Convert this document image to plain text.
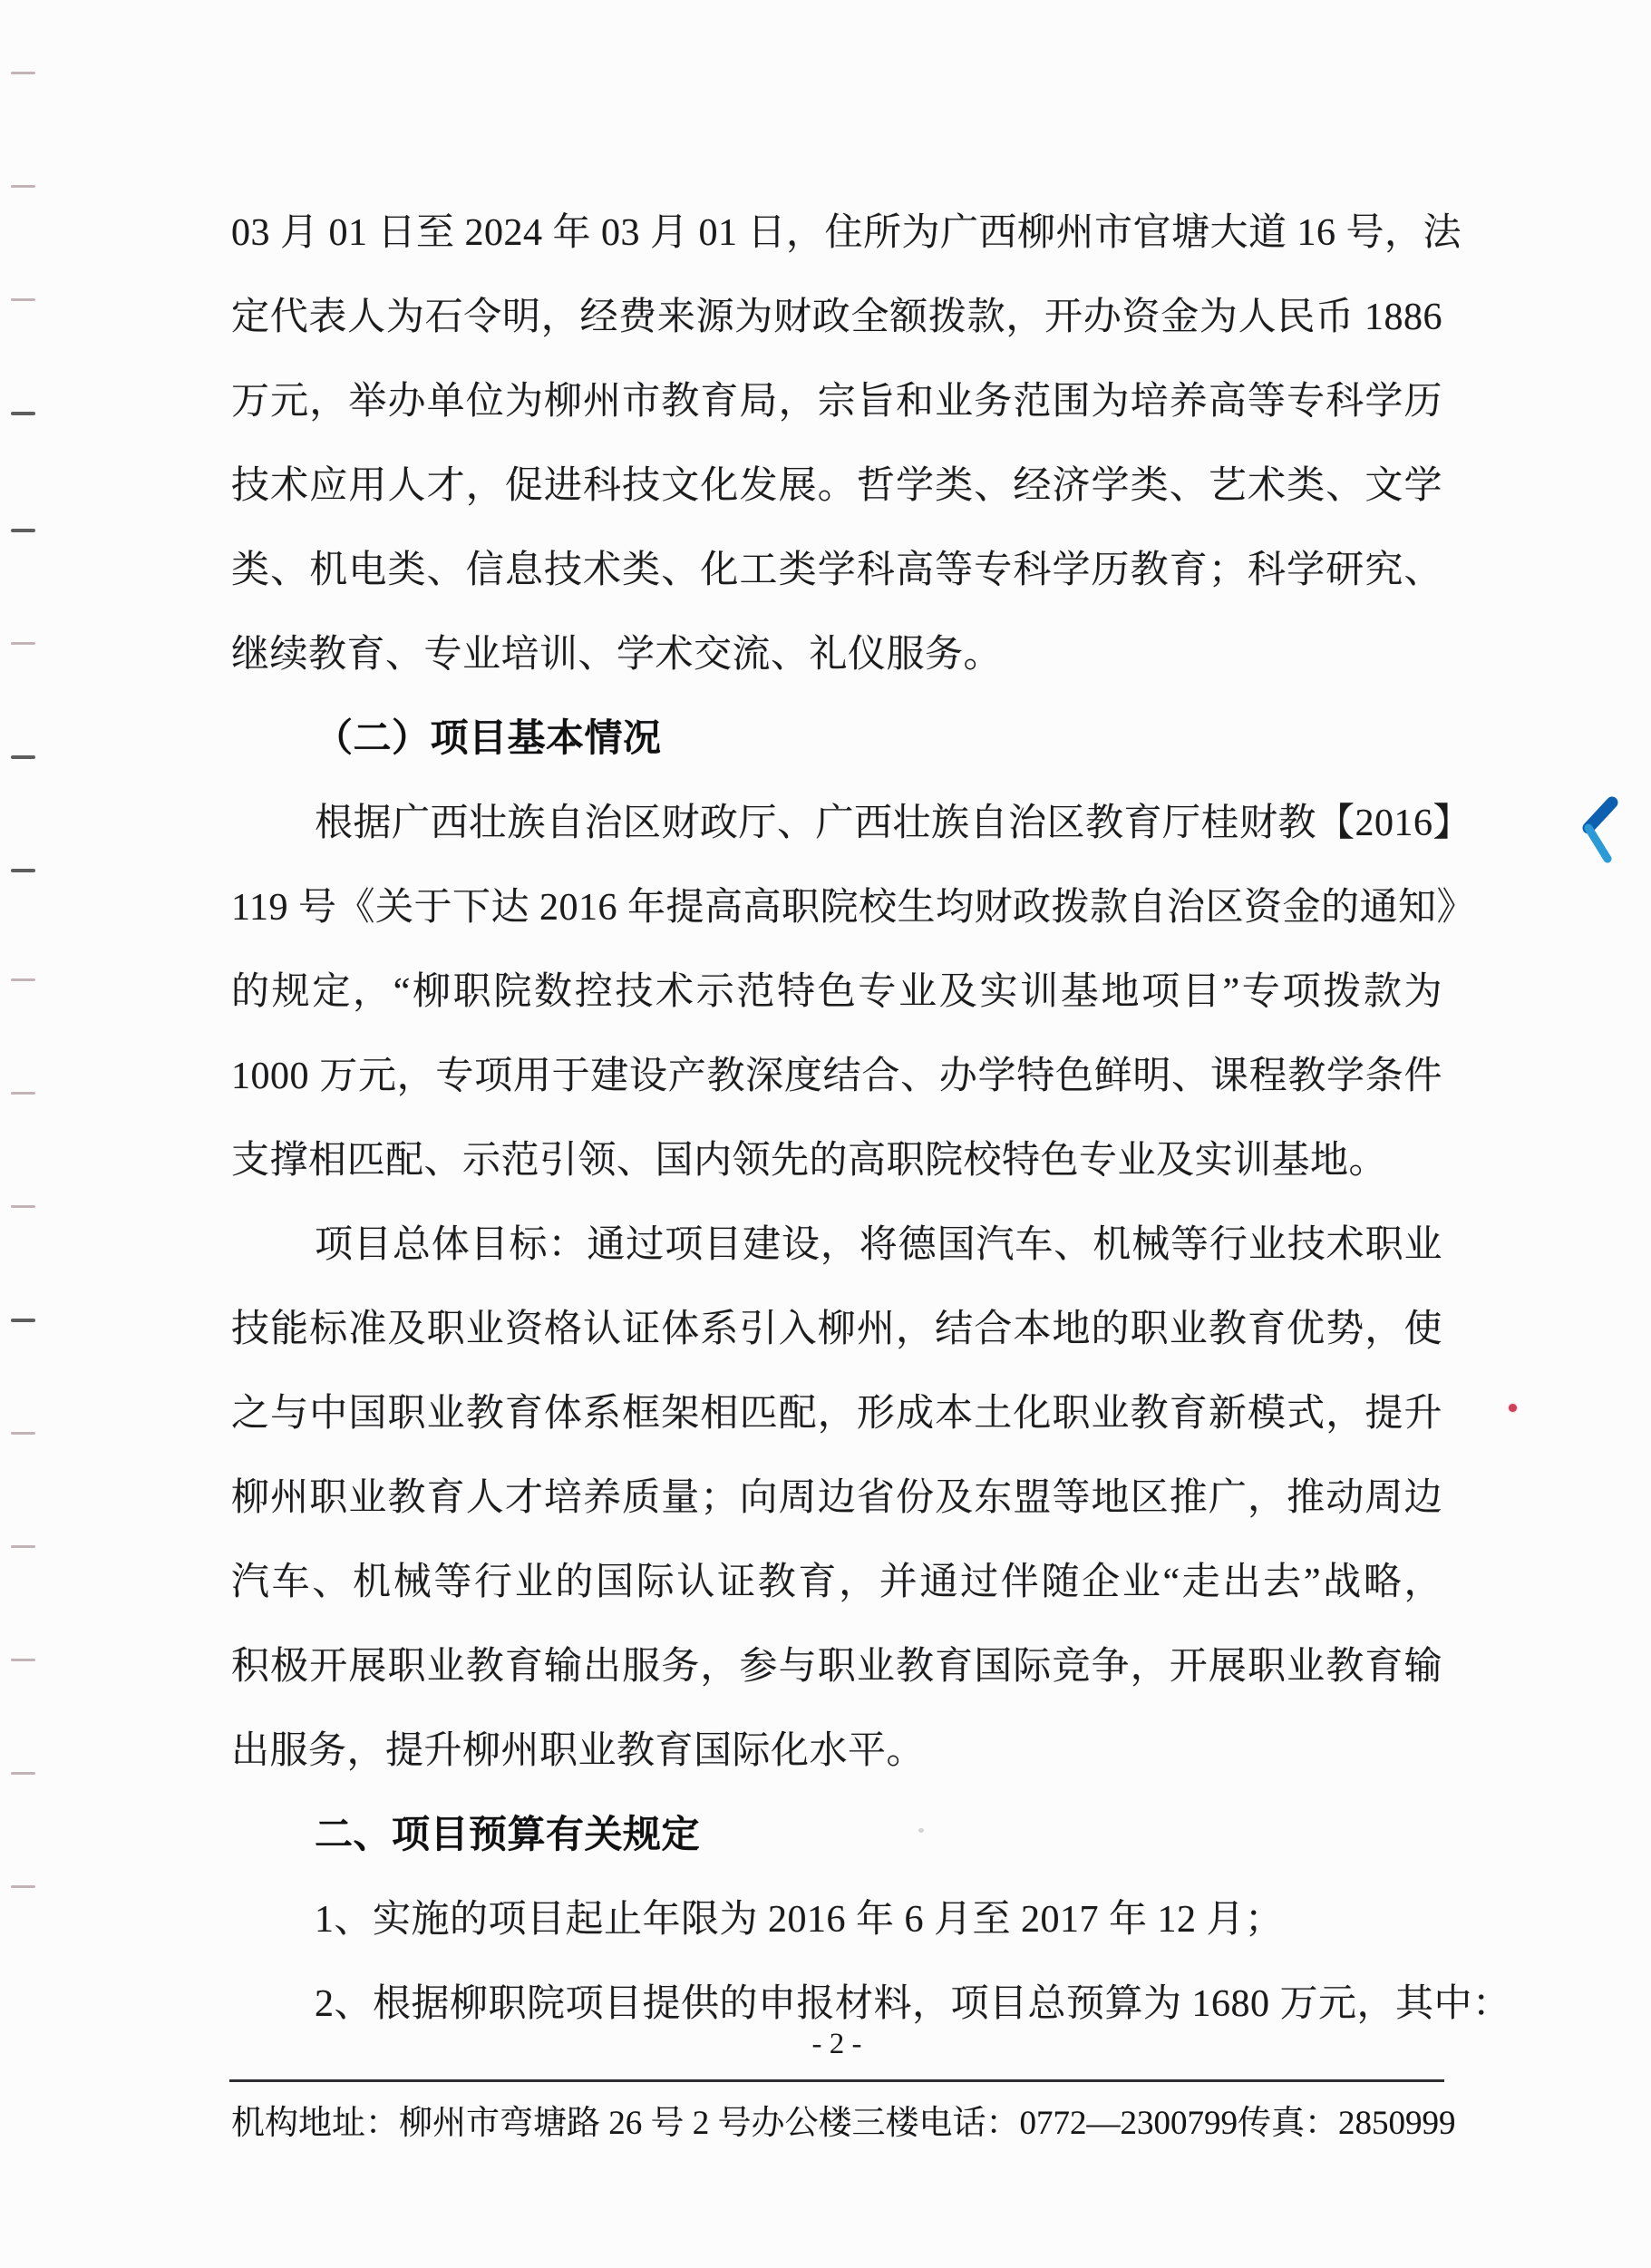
03 月 01 日至 2024 年 03 月 01 日，住所为广西柳州市官塘大道 16 号，法
定代表人为石令明，经费来源为财政全额拨款，开办资金为人民币 1886
万元，举办单位为柳州市教育局，宗旨和业务范围为培养高等专科学历
技术应用人才，促进科技文化发展。哲学类、经济学类、艺术类、文学
类、机电类、信息技术类、化工类学科高等专科学历教育；科学研究、
继续教育、专业培训、学术交流、礼仪服务。
（二）项目基本情况
根据广西壮族自治区财政厅、广西壮族自治区教育厅桂财教【2016】
119 号《关于下达 2016 年提高高职院校生均财政拨款自治区资金的通知》
的规定，“柳职院数控技术示范特色专业及实训基地项目”专项拨款为
1000 万元，专项用于建设产教深度结合、办学特色鲜明、课程教学条件
支撑相匹配、示范引领、国内领先的高职院校特色专业及实训基地。
项目总体目标：通过项目建设，将德国汽车、机械等行业技术职业
技能标准及职业资格认证体系引入柳州，结合本地的职业教育优势，使
之与中国职业教育体系框架相匹配，形成本土化职业教育新模式，提升
柳州职业教育人才培养质量；向周边省份及东盟等地区推广，推动周边
汽车、机械等行业的国际认证教育，并通过伴随企业“走出去”战略，
积极开展职业教育输出服务，参与职业教育国际竞争，开展职业教育输
出服务，提升柳州职业教育国际化水平。
二、项目预算有关规定
1、实施的项目起止年限为 2016 年 6 月至 2017 年 12 月；
2、根据柳职院项目提供的申报材料，项目总预算为 1680 万元，其中：
- 2 -
机构地址：柳州市弯塘路 26 号 2 号办公楼三楼 电话：0772—2300799 传真：2850999
